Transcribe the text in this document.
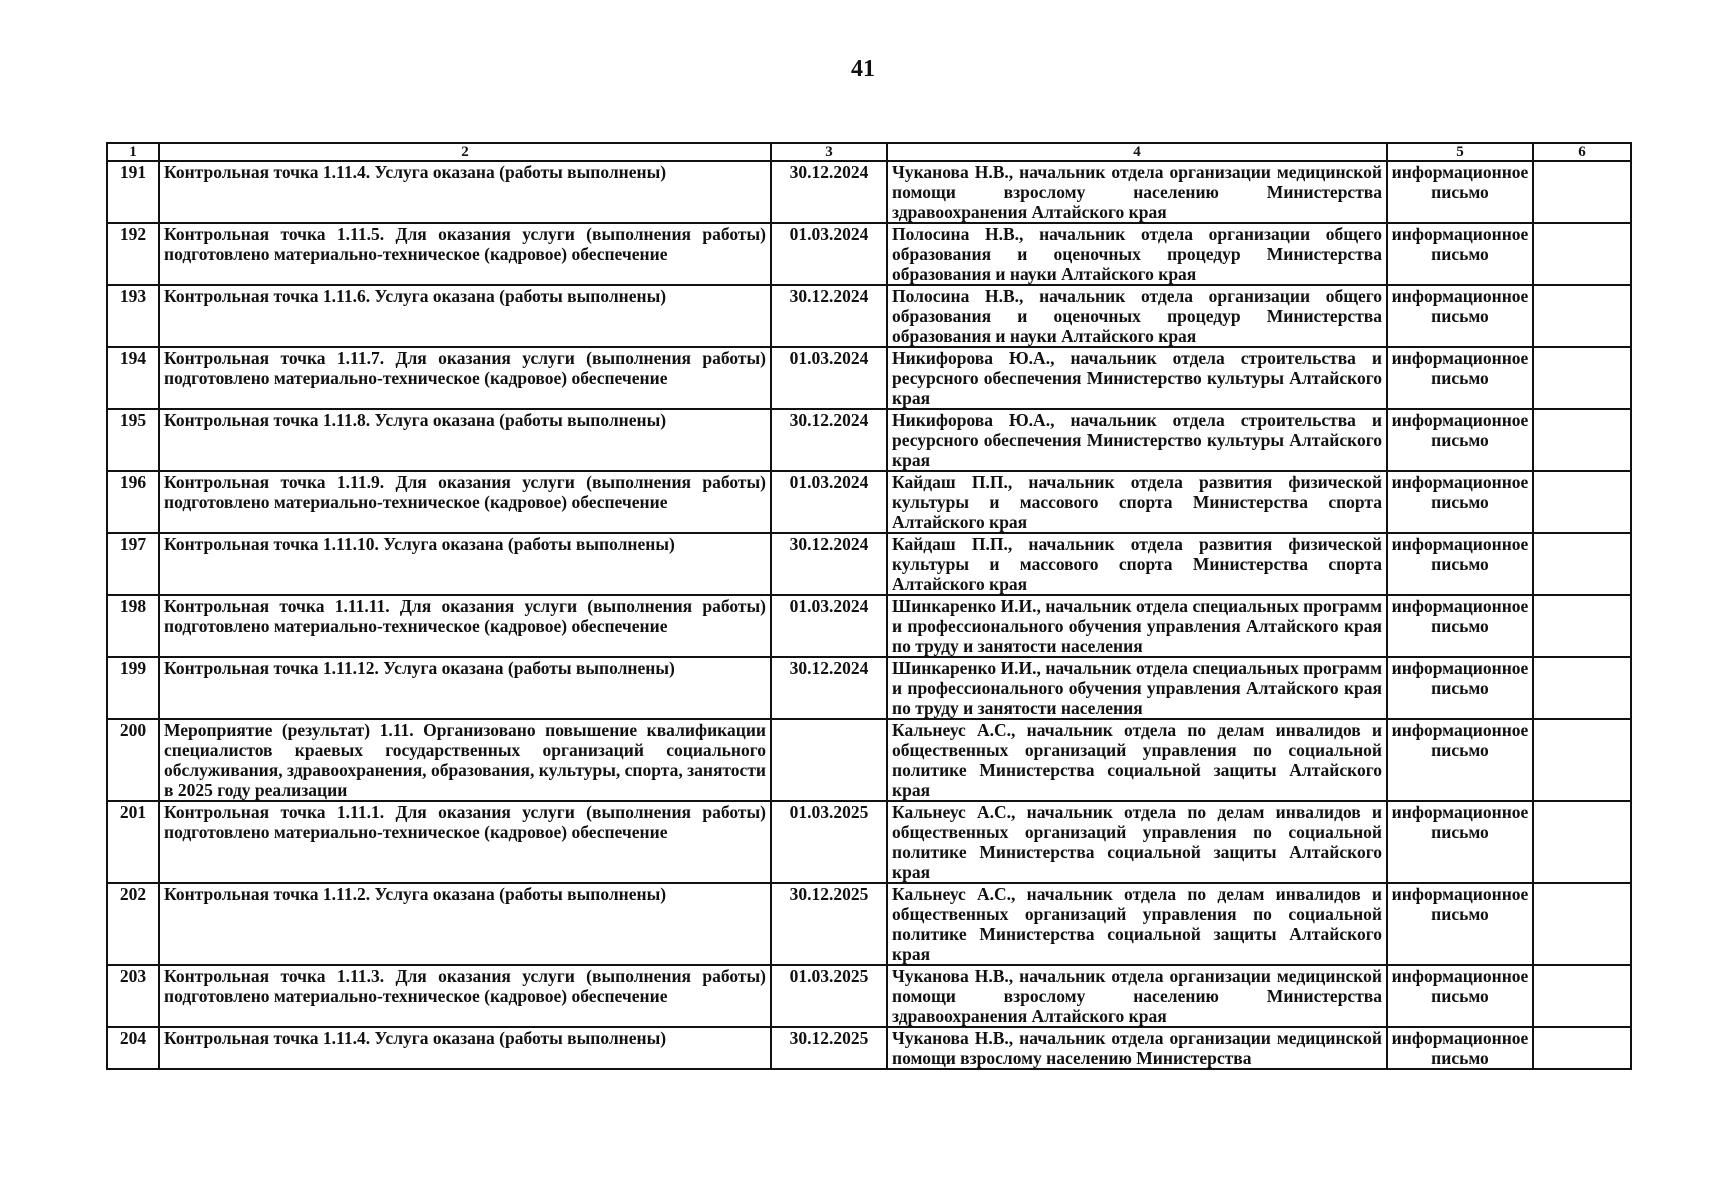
41
1	2	3	4	5	6
191	Контрольная точка 1.11.4. Услуга оказана (работы выполнены)	30.12.2024	Чуканова Н.В., начальник отдела организации медицинской помощи взрослому населению Министерства здравоохранения Алтайского края	информационное письмо	
192	Контрольная точка 1.11.5. Для оказания услуги (выполнения работы) подготовлено материально-техническое (кадровое) обеспечение	01.03.2024	Полосина Н.В., начальник отдела организации общего образования и оценочных процедур Министерства образования и науки Алтайского края	информационное письмо	
193	Контрольная точка 1.11.6. Услуга оказана (работы выполнены)	30.12.2024	Полосина Н.В., начальник отдела организации общего образования и оценочных процедур Министерства образования и науки Алтайского края	информационное письмо	
194	Контрольная точка 1.11.7. Для оказания услуги (выполнения работы) подготовлено материально-техническое (кадровое) обеспечение	01.03.2024	Никифорова Ю.А., начальник отдела строительства и ресурсного обеспечения Министерство культуры Алтайского края	информационное письмо	
195	Контрольная точка 1.11.8. Услуга оказана (работы выполнены)	30.12.2024	Никифорова Ю.А., начальник отдела строительства и ресурсного обеспечения Министерство культуры Алтайского края	информационное письмо	
196	Контрольная точка 1.11.9. Для оказания услуги (выполнения работы) подготовлено материально-техническое (кадровое) обеспечение	01.03.2024	Кайдаш П.П., начальник отдела развития физической культуры и массового спорта Министерства спорта Алтайского края	информационное письмо	
197	Контрольная точка 1.11.10. Услуга оказана (работы выполнены)	30.12.2024	Кайдаш П.П., начальник отдела развития физической культуры и массового спорта Министерства спорта Алтайского края	информационное письмо	
198	Контрольная точка 1.11.11. Для оказания услуги (выполнения работы) подготовлено материально-техническое (кадровое) обеспечение	01.03.2024	Шинкаренко И.И., начальник отдела специальных программ и профессионального обучения управления Алтайского края по труду и занятости населения	информационное письмо	
199	Контрольная точка 1.11.12. Услуга оказана (работы выполнены)	30.12.2024	Шинкаренко И.И., начальник отдела специальных программ и профессионального обучения управления Алтайского края по труду и занятости населения	информационное письмо	
200	Мероприятие (результат) 1.11. Организовано повышение квалификации специалистов краевых государственных организаций социального обслуживания, здравоохранения, образования, культуры, спорта, занятости в 2025 году реализации		Кальнеус А.С., начальник отдела по делам инвалидов и общественных организаций управления по социальной политике Министерства социальной защиты Алтайского края	информационное письмо	
201	Контрольная точка 1.11.1. Для оказания услуги (выполнения работы) подготовлено материально-техническое (кадровое) обеспечение	01.03.2025	Кальнеус А.С., начальник отдела по делам инвалидов и общественных организаций управления по социальной политике Министерства социальной защиты Алтайского края	информационное письмо	
202	Контрольная точка 1.11.2. Услуга оказана (работы выполнены)	30.12.2025	Кальнеус А.С., начальник отдела по делам инвалидов и общественных организаций управления по социальной политике Министерства социальной защиты Алтайского края	информационное письмо	
203	Контрольная точка 1.11.3. Для оказания услуги (выполнения работы) подготовлено материально-техническое (кадровое) обеспечение	01.03.2025	Чуканова Н.В., начальник отдела организации медицинской помощи взрослому населению Министерства здравоохранения Алтайского края	информационное письмо	
204	Контрольная точка 1.11.4. Услуга оказана (работы выполнены)	30.12.2025	Чуканова Н.В., начальник отдела организации медицинской помощи взрослому населению Министерства	информационное письмо	
